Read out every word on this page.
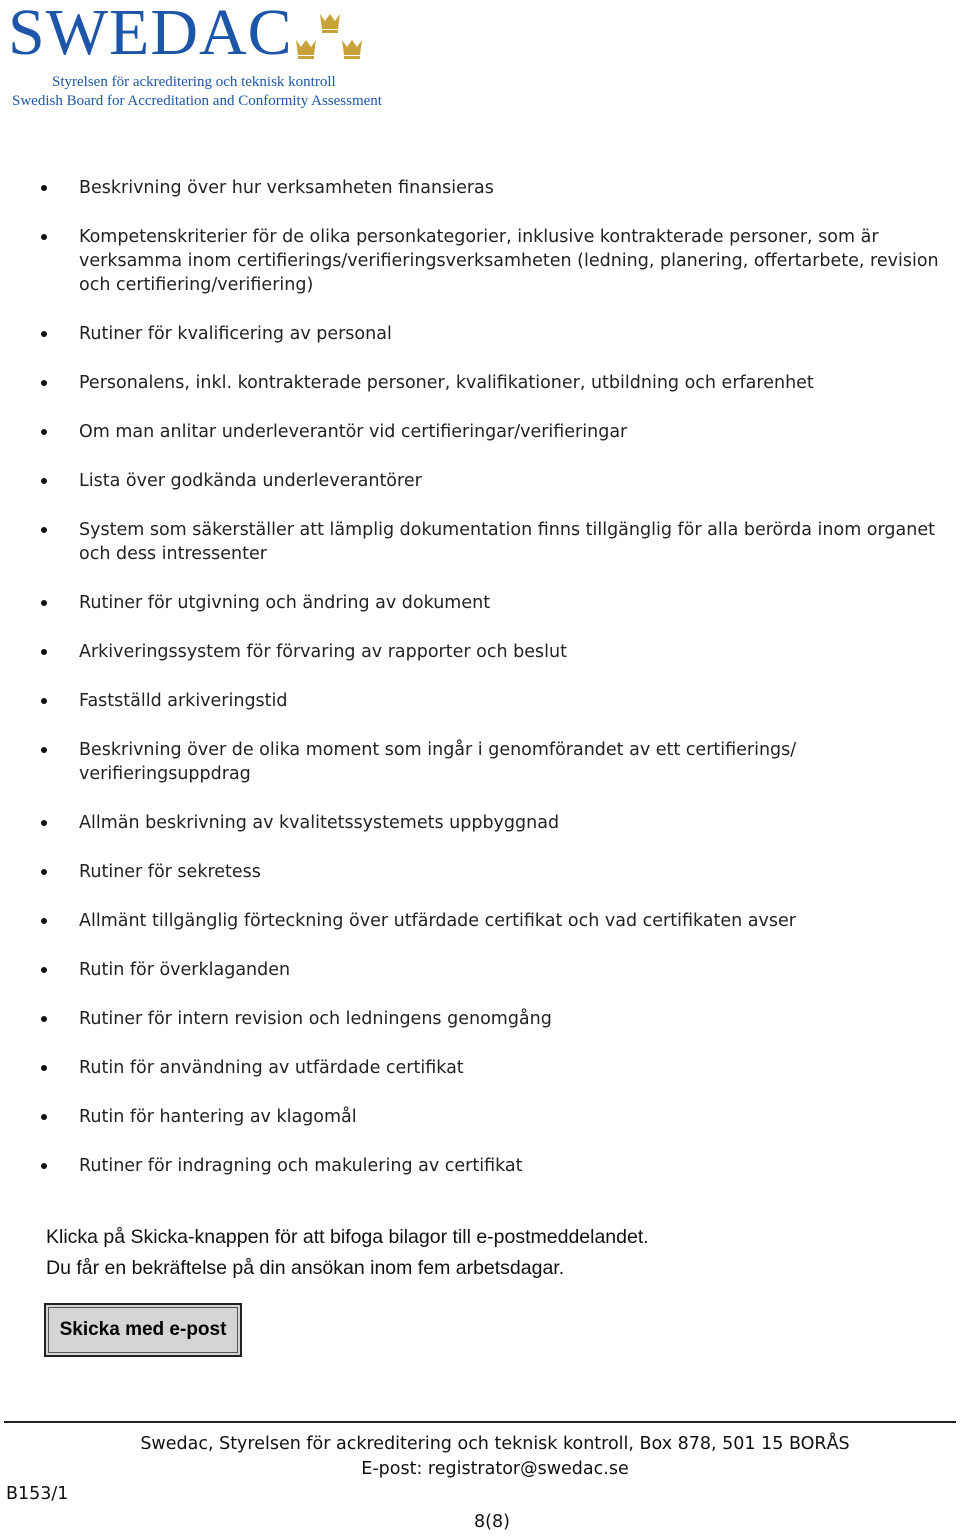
SWEDAC
Styrelsen för ackreditering och teknisk kontroll
Swedish Board for Accreditation and Conformity Assessment
Beskrivning över hur verksamheten finansieras
Kompetenskriterier för de olika personkategorier, inklusive kontrakterade personer, som är verksamma inom certifierings/verifieringsverksamheten (ledning, planering, offertarbete, revision och certifiering/verifiering)
Rutiner för kvalificering av personal
Personalens, inkl. kontrakterade personer, kvalifikationer, utbildning och erfarenhet
Om man anlitar underleverantör vid certifieringar/verifieringar
Lista över godkända underleverantörer
System som säkerställer att lämplig dokumentation finns tillgänglig för alla berörda inom organet och dess intressenter
Rutiner för utgivning och ändring av dokument
Arkiveringssystem för förvaring av rapporter och beslut
Fastställd arkiveringstid
Beskrivning över de olika moment som ingår i genomförandet av ett certifierings/ verifieringsuppdrag
Allmän beskrivning av kvalitetssystemets uppbyggnad
Rutiner för sekretess
Allmänt tillgänglig förteckning över utfärdade certifikat och vad certifikaten avser
Rutin för överklaganden
Rutiner för intern revision och ledningens genomgång
Rutin för användning av utfärdade certifikat
Rutin för hantering av klagomål
Rutiner för indragning och makulering av certifikat
Klicka på Skicka-knappen för att bifoga bilagor till e-postmeddelandet.
Du får en bekräftelse på din ansökan inom fem arbetsdagar.
Skicka med e-post
Swedac, Styrelsen för ackreditering och teknisk kontroll, Box 878, 501 15 BORÅS
E-post: registrator@swedac.se
B153/1
8(8)
